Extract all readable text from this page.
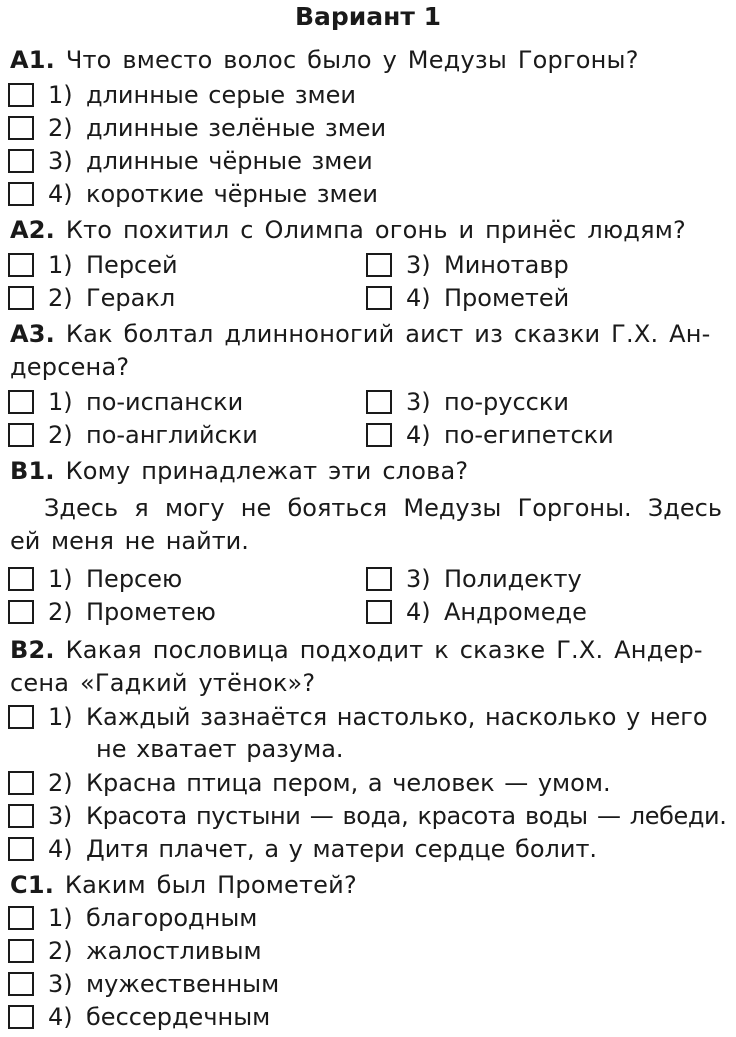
Вариант 1
А1. Что вместо волос было у Медузы Горгоны?
1) длинные серые змеи
2) длинные зелёные змеи
3) длинные чёрные змеи
4) короткие чёрные змеи
А2. Кто похитил с Олимпа огонь и принёс людям?
1) Персей
2) Геракл
3) Минотавр
4) Прометей
А3. Как болтал длинноногий аист из сказки Г.Х. Ан-
дерсена?
1) по-испански
2) по-английски
3) по-русски
4) по-египетски
В1. Кому принадлежат эти слова?
Здесь я могу не бояться Медузы Горгоны. Здесь ей меня не найти.
1) Персею
2) Прометею
3) Полидекту
4) Андромеде
В2. Какая пословица подходит к сказке Г.Х. Андер-
сена «Гадкий утёнок»?
1) Каждый зазнаётся настолько, насколько у него
не хватает разума.
2) Красна птица пером, а человек — умом.
3) Красота пустыни — вода, красота воды — лебеди.
4) Дитя плачет, а у матери сердце болит.
С1. Каким был Прометей?
1) благородным
2) жалостливым
3) мужественным
4) бессердечным
